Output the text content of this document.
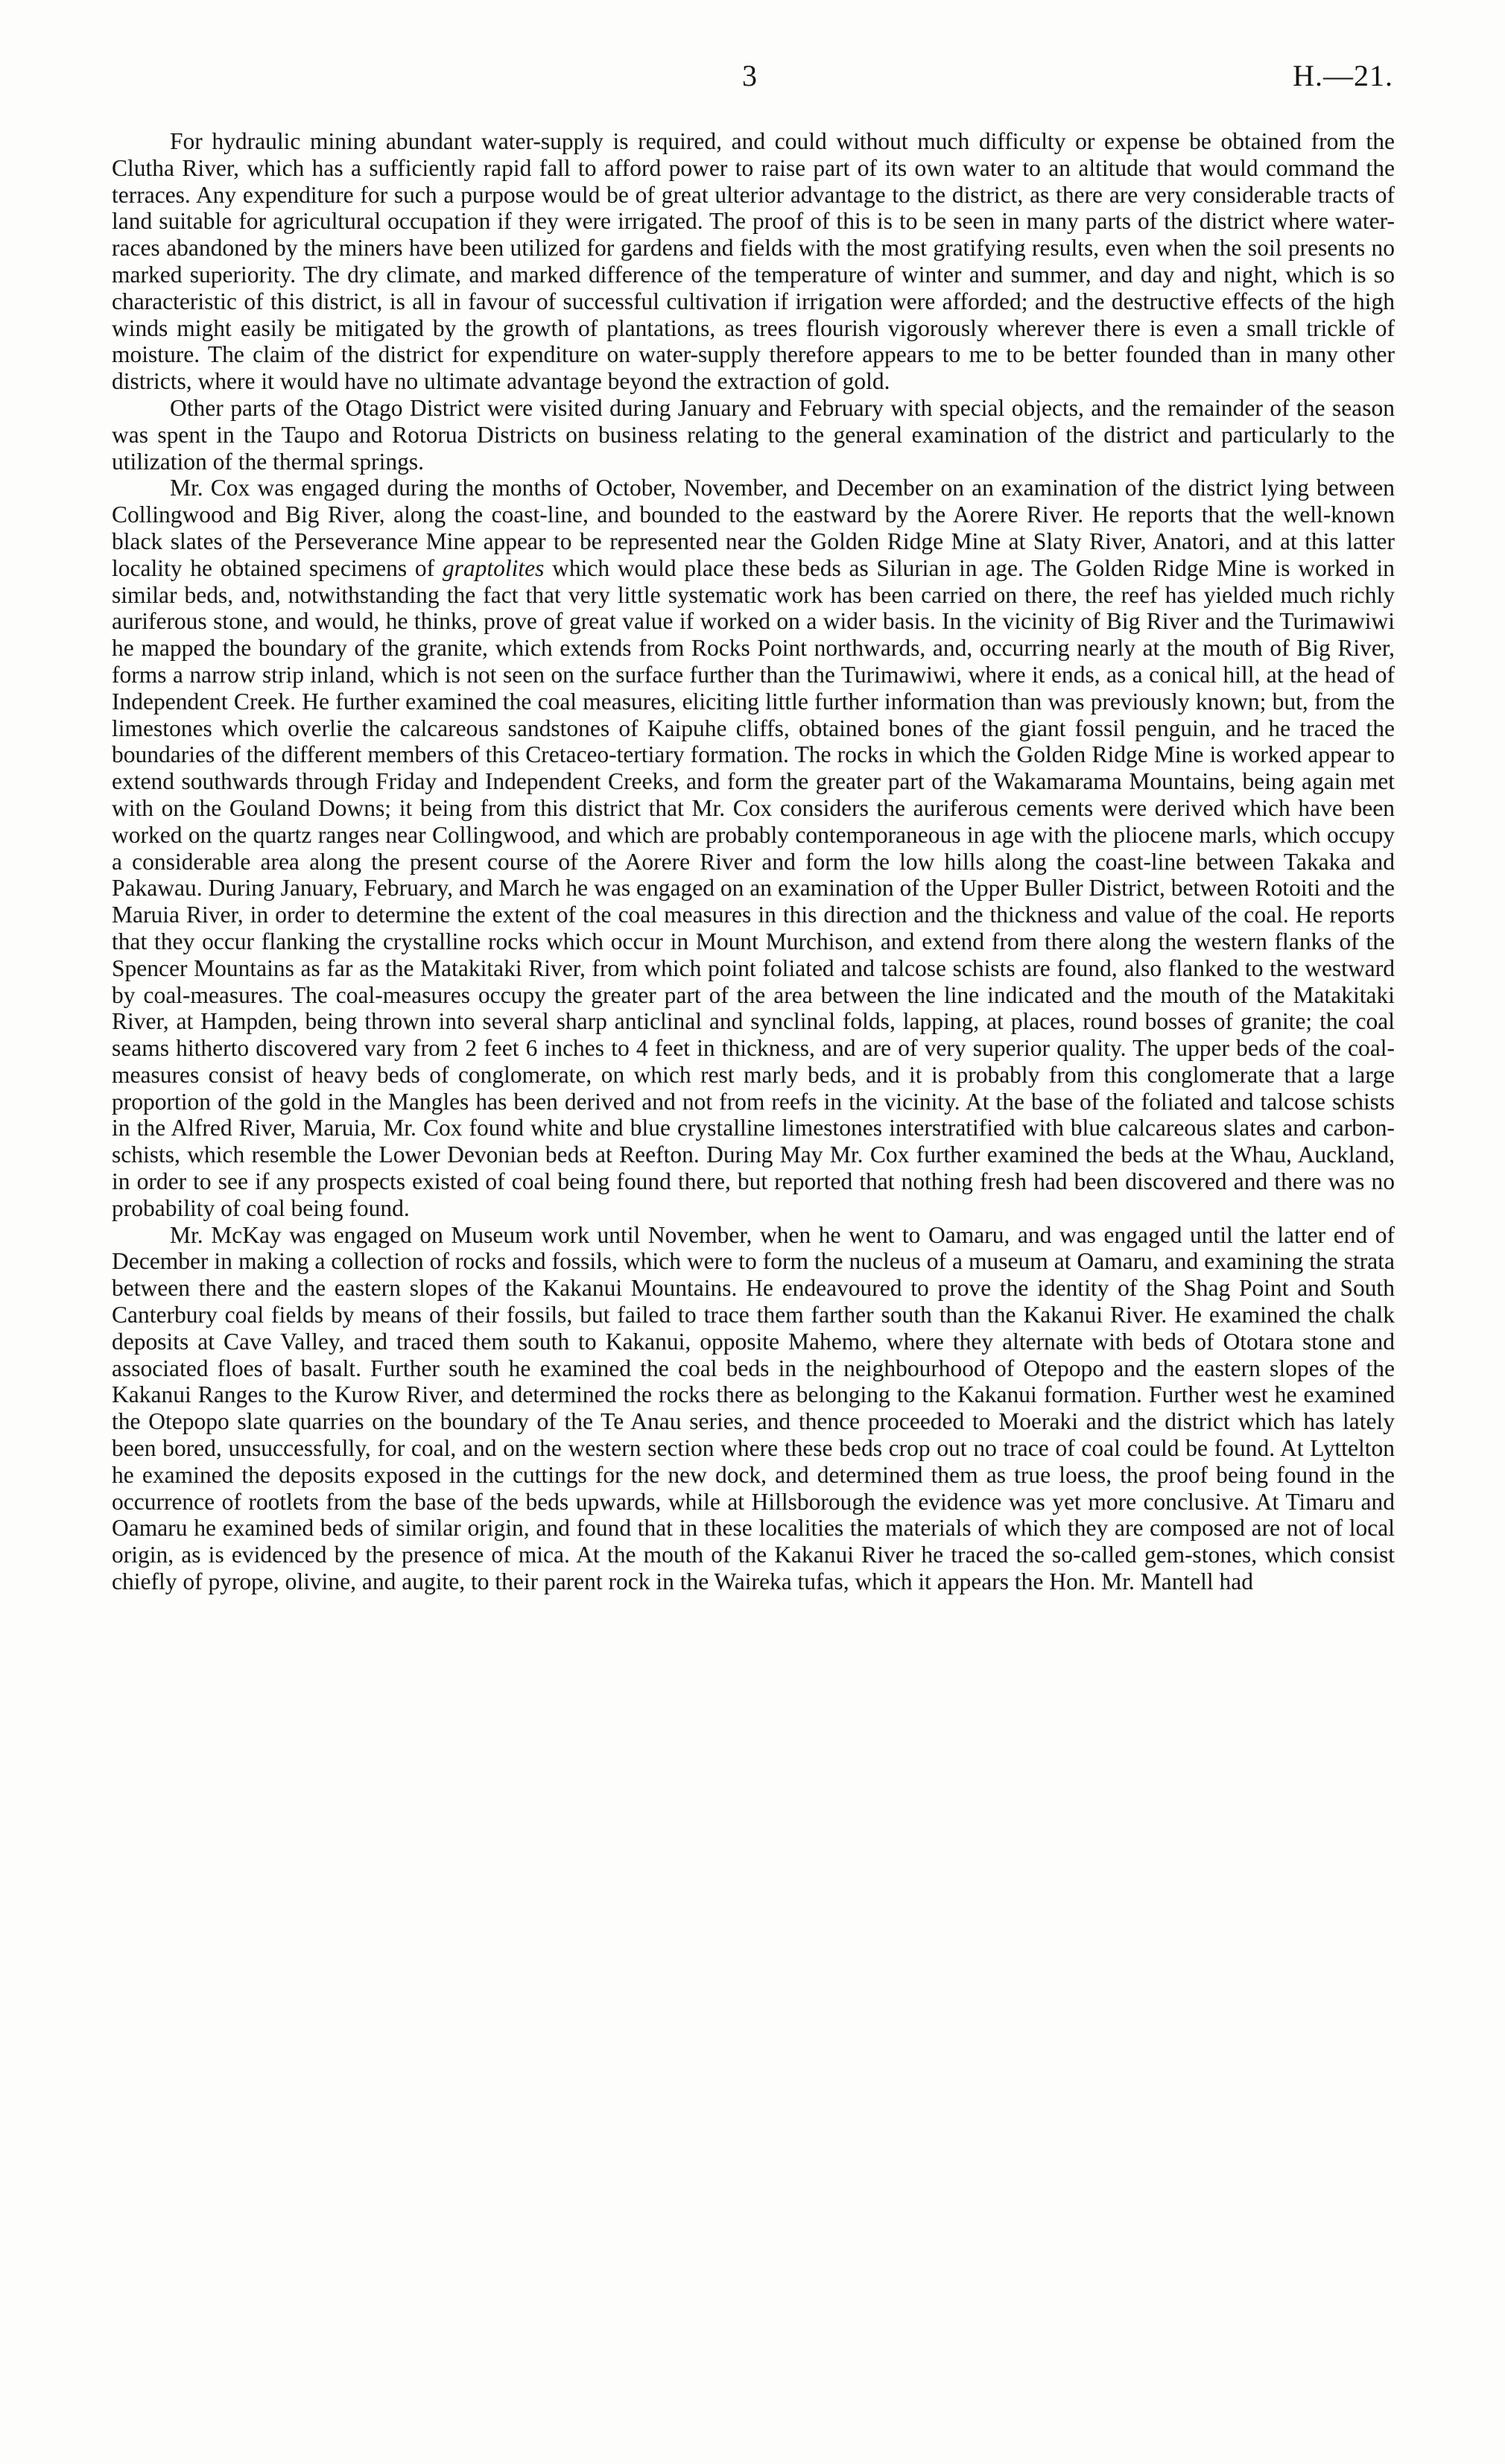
3	H.—21.

For hydraulic mining abundant water-supply is required, and could without much difficulty or expense be obtained from the Clutha River, which has a sufficiently rapid fall to afford power to raise part of its own water to an altitude that would command the terraces. Any expenditure for such a purpose would be of great ulterior advantage to the district, as there are very considerable tracts of land suitable for agricultural occupation if they were irrigated. The proof of this is to be seen in many parts of the district where water-races abandoned by the miners have been utilized for gardens and fields with the most gratifying results, even when the soil presents no marked superiority. The dry climate, and marked difference of the temperature of winter and summer, and day and night, which is so characteristic of this district, is all in favour of successful cultivation if irrigation were afforded; and the destructive effects of the high winds might easily be mitigated by the growth of plantations, as trees flourish vigorously wherever there is even a small trickle of moisture. The claim of the district for expenditure on water-supply therefore appears to me to be better founded than in many other districts, where it would have no ultimate advantage beyond the extraction of gold.

Other parts of the Otago District were visited during January and February with special objects, and the remainder of the season was spent in the Taupo and Rotorua Districts on business relating to the general examination of the district and particularly to the utilization of the thermal springs.

Mr. Cox was engaged during the months of October, November, and December on an examination of the district lying between Collingwood and Big River, along the coast-line, and bounded to the eastward by the Aorere River. He reports that the well-known black slates of the Perseverance Mine appear to be represented near the Golden Ridge Mine at Slaty River, Anatori, and at this latter locality he obtained specimens of graptolites which would place these beds as Silurian in age. The Golden Ridge Mine is worked in similar beds, and, notwithstanding the fact that very little systematic work has been carried on there, the reef has yielded much richly auriferous stone, and would, he thinks, prove of great value if worked on a wider basis. In the vicinity of Big River and the Turimawiwi he mapped the boundary of the granite, which extends from Rocks Point northwards, and, occurring nearly at the mouth of Big River, forms a narrow strip inland, which is not seen on the surface further than the Turimawiwi, where it ends, as a conical hill, at the head of Independent Creek. He further examined the coal measures, eliciting little further information than was previously known; but, from the limestones which overlie the calcareous sandstones of Kaipuhe cliffs, obtained bones of the giant fossil penguin, and he traced the boundaries of the different members of this Cretaceo-tertiary formation. The rocks in which the Golden Ridge Mine is worked appear to extend southwards through Friday and Independent Creeks, and form the greater part of the Wakamarama Mountains, being again met with on the Gouland Downs; it being from this district that Mr. Cox considers the auriferous cements were derived which have been worked on the quartz ranges near Collingwood, and which are probably contemporaneous in age with the pliocene marls, which occupy a considerable area along the present course of the Aorere River and form the low hills along the coast-line between Takaka and Pakawau. During January, February, and March he was engaged on an examination of the Upper Buller District, between Rotoiti and the Maruia River, in order to determine the extent of the coal measures in this direction and the thickness and value of the coal. He reports that they occur flanking the crystalline rocks which occur in Mount Murchison, and extend from there along the western flanks of the Spencer Mountains as far as the Matakitaki River, from which point foliated and talcose schists are found, also flanked to the westward by coal-measures. The coal-measures occupy the greater part of the area between the line indicated and the mouth of the Matakitaki River, at Hampden, being thrown into several sharp anticlinal and synclinal folds, lapping, at places, round bosses of granite; the coal seams hitherto discovered vary from 2 feet 6 inches to 4 feet in thickness, and are of very superior quality. The upper beds of the coal-measures consist of heavy beds of conglomerate, on which rest marly beds, and it is probably from this conglomerate that a large proportion of the gold in the Mangles has been derived and not from reefs in the vicinity. At the base of the foliated and talcose schists in the Alfred River, Maruia, Mr. Cox found white and blue crystalline limestones interstratified with blue calcareous slates and carbon-schists, which resemble the Lower Devonian beds at Reefton. During May Mr. Cox further examined the beds at the Whau, Auckland, in order to see if any prospects existed of coal being found there, but reported that nothing fresh had been discovered and there was no probability of coal being found.

Mr. McKay was engaged on Museum work until November, when he went to Oamaru, and was engaged until the latter end of December in making a collection of rocks and fossils, which were to form the nucleus of a museum at Oamaru, and examining the strata between there and the eastern slopes of the Kakanui Mountains. He endeavoured to prove the identity of the Shag Point and South Canterbury coal fields by means of their fossils, but failed to trace them farther south than the Kakanui River. He examined the chalk deposits at Cave Valley, and traced them south to Kakanui, opposite Mahemo, where they alternate with beds of Ototara stone and associated floes of basalt. Further south he examined the coal beds in the neighbourhood of Otepopo and the eastern slopes of the Kakanui Ranges to the Kurow River, and determined the rocks there as belonging to the Kakanui formation. Further west he examined the Otepopo slate quarries on the boundary of the Te Anau series, and thence proceeded to Moeraki and the district which has lately been bored, unsuccessfully, for coal, and on the western section where these beds crop out no trace of coal could be found. At Lyttelton he examined the deposits exposed in the cuttings for the new dock, and determined them as true loess, the proof being found in the occurrence of rootlets from the base of the beds upwards, while at Hillsborough the evidence was yet more conclusive. At Timaru and Oamaru he examined beds of similar origin, and found that in these localities the materials of which they are composed are not of local origin, as is evidenced by the presence of mica. At the mouth of the Kakanui River he traced the so-called gem-stones, which consist chiefly of pyrope, olivine, and augite, to their parent rock in the Waireka tufas, which it appears the Hon. Mr. Mantell had
